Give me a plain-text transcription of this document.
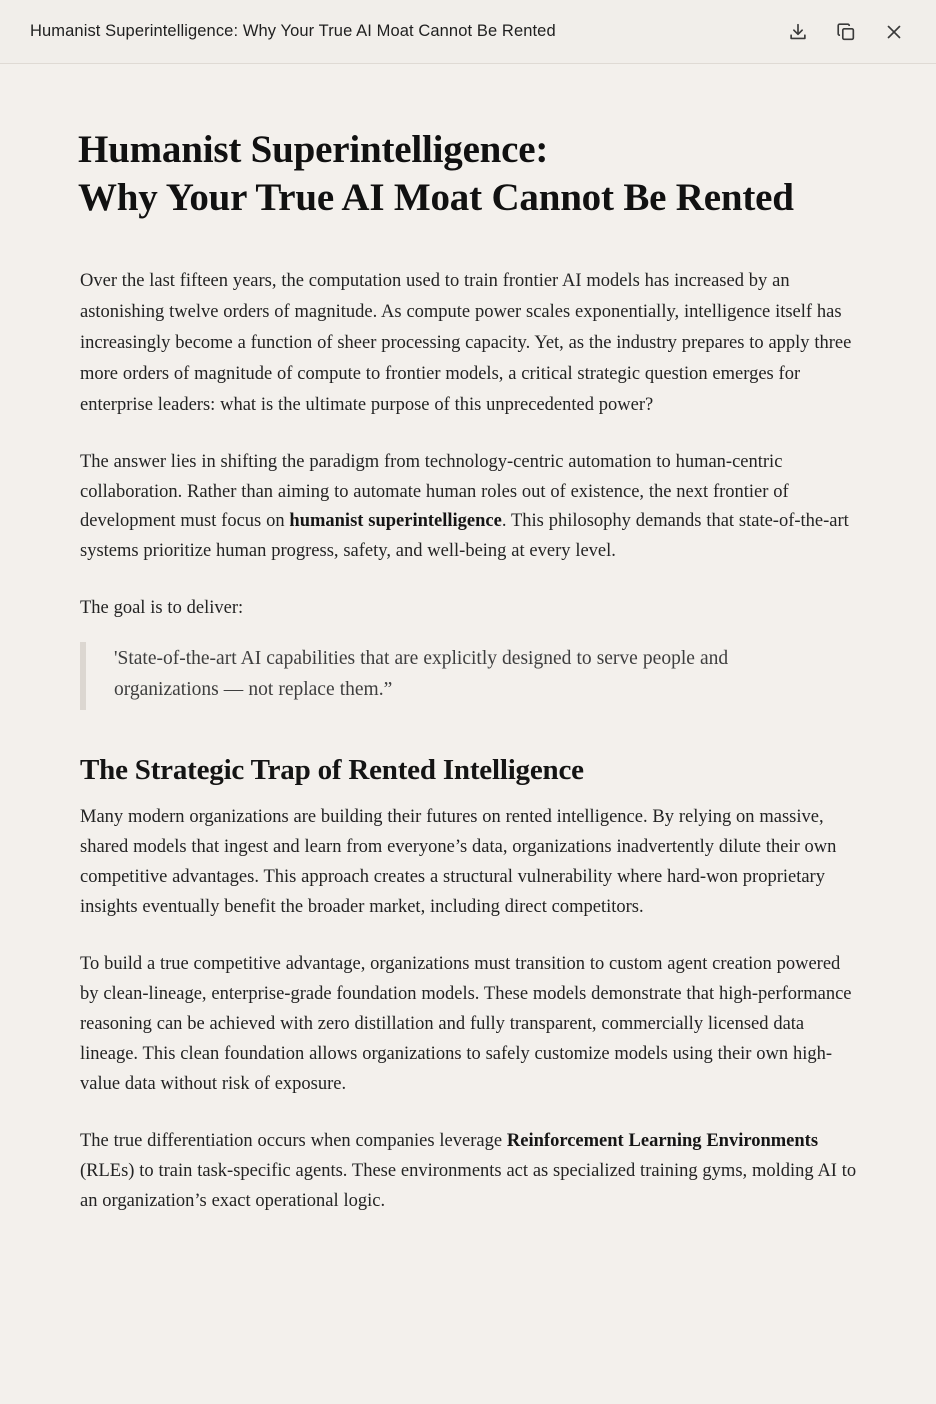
Humanist Superintelligence: Why Your True AI Moat Cannot Be Rented
Humanist Superintelligence:
Why Your True AI Moat Cannot Be Rented

Over the last fifteen years, the computation used to train frontier AI models has increased by an astonishing twelve orders of magnitude. As compute power scales exponentially, intelligence itself has increasingly become a function of sheer processing capacity. Yet, as the industry prepares to apply three more orders of magnitude of compute to frontier models, a critical strategic question emerges for enterprise leaders: what is the ultimate purpose of this unprecedented power?

The answer lies in shifting the paradigm from technology-centric automation to human-centric collaboration. Rather than aiming to automate human roles out of existence, the next frontier of development must focus on humanist superintelligence. This philosophy demands that state-of-the-art systems prioritize human progress, safety, and well-being at every level.

The goal is to deliver:

'State-of-the-art AI capabilities that are explicitly designed to serve people and organizations — not replace them.”

The Strategic Trap of Rented Intelligence

Many modern organizations are building their futures on rented intelligence. By relying on massive, shared models that ingest and learn from everyone’s data, organizations inadvertently dilute their own competitive advantages. This approach creates a structural vulnerability where hard-won proprietary insights eventually benefit the broader market, including direct competitors.

To build a true competitive advantage, organizations must transition to custom agent creation powered by clean-lineage, enterprise-grade foundation models. These models demonstrate that high-performance reasoning can be achieved with zero distillation and fully transparent, commercially licensed data lineage. This clean foundation allows organizations to safely customize models using their own high-value data without risk of exposure.

The true differentiation occurs when companies leverage Reinforcement Learning Environments (RLEs) to train task-specific agents. These environments act as specialized training gyms, molding AI to an organization’s exact operational logic.
